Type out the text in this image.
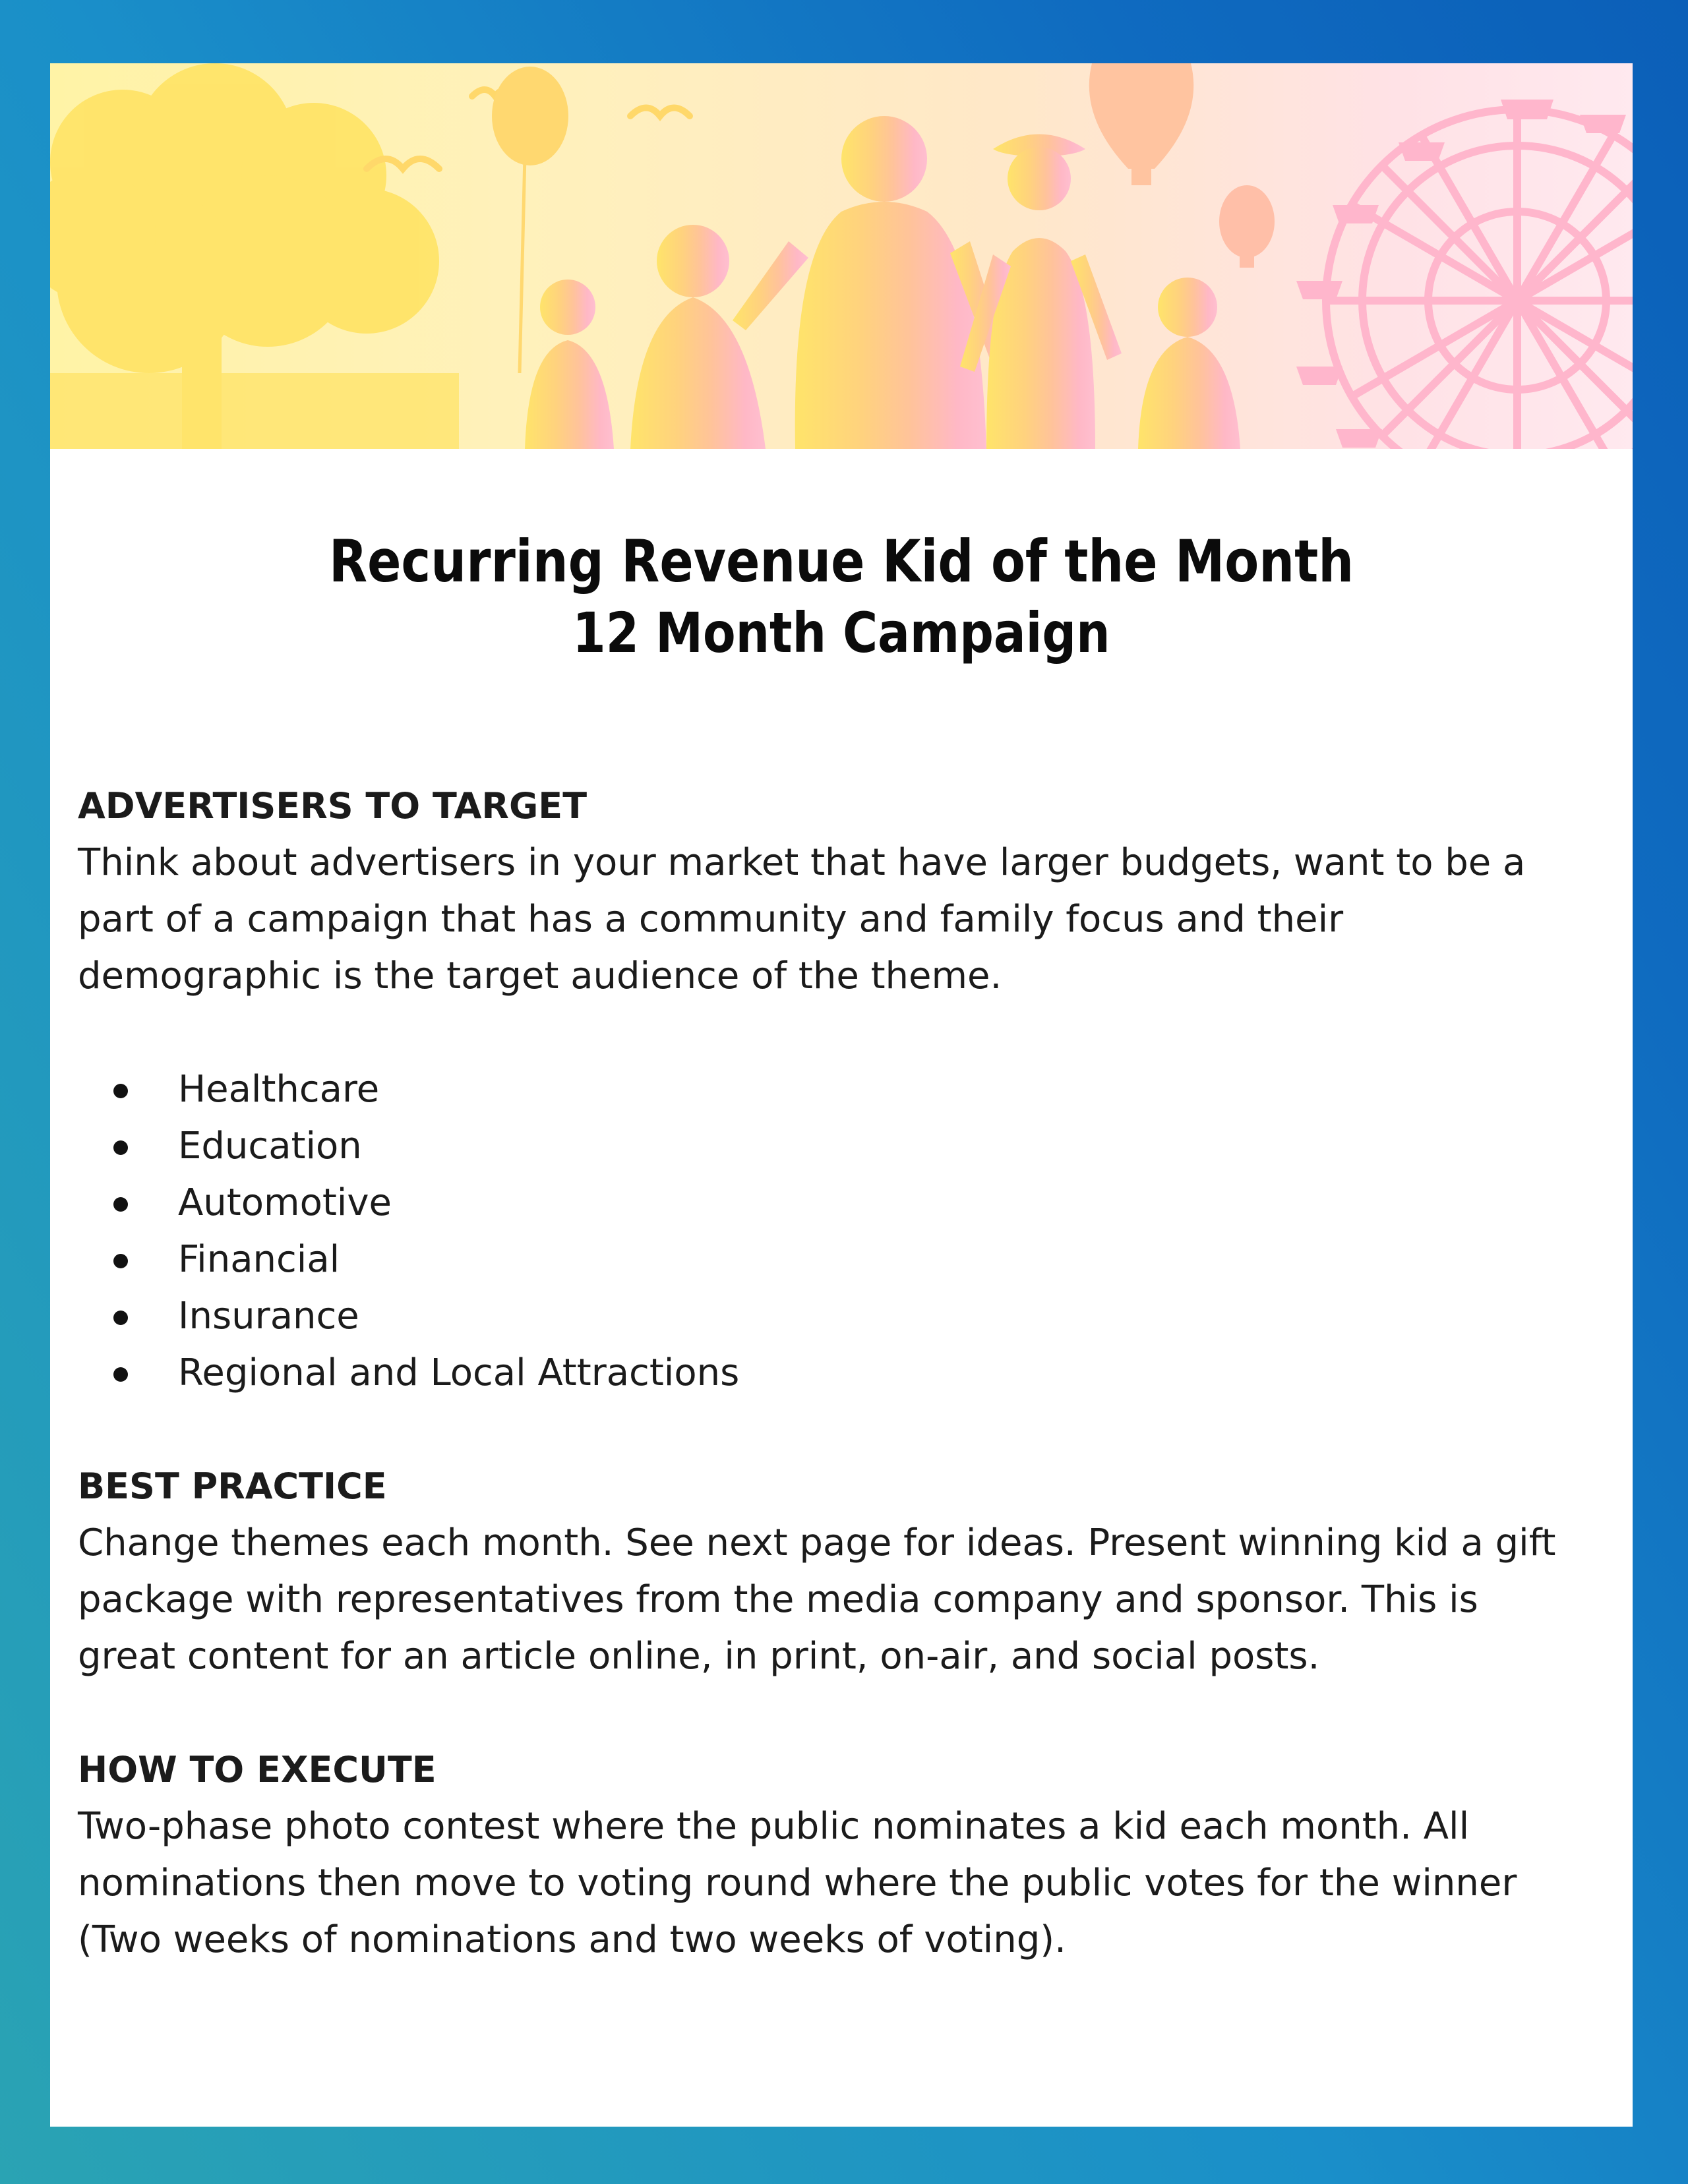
Recurring Revenue Kid of the Month
12 Month Campaign

ADVERTISERS TO TARGET

Think about advertisers in your market that have larger budgets, want to be a

part of a campaign that has a community and family focus and their

demographic is the target audience of the theme.

Healthcare
Education
Automotive
Financial
Insurance
Regional and Local Attractions

BEST PRACTICE

Change themes each month. See next page for ideas. Present winning kid a gift

package with representatives from the media company and sponsor. This is

great content for an article online, in print, on-air, and social posts.

HOW TO EXECUTE

Two-phase photo contest where the public nominates a kid each month. All

nominations then move to voting round where the public votes for the winner

(Two weeks of nominations and two weeks of voting).
